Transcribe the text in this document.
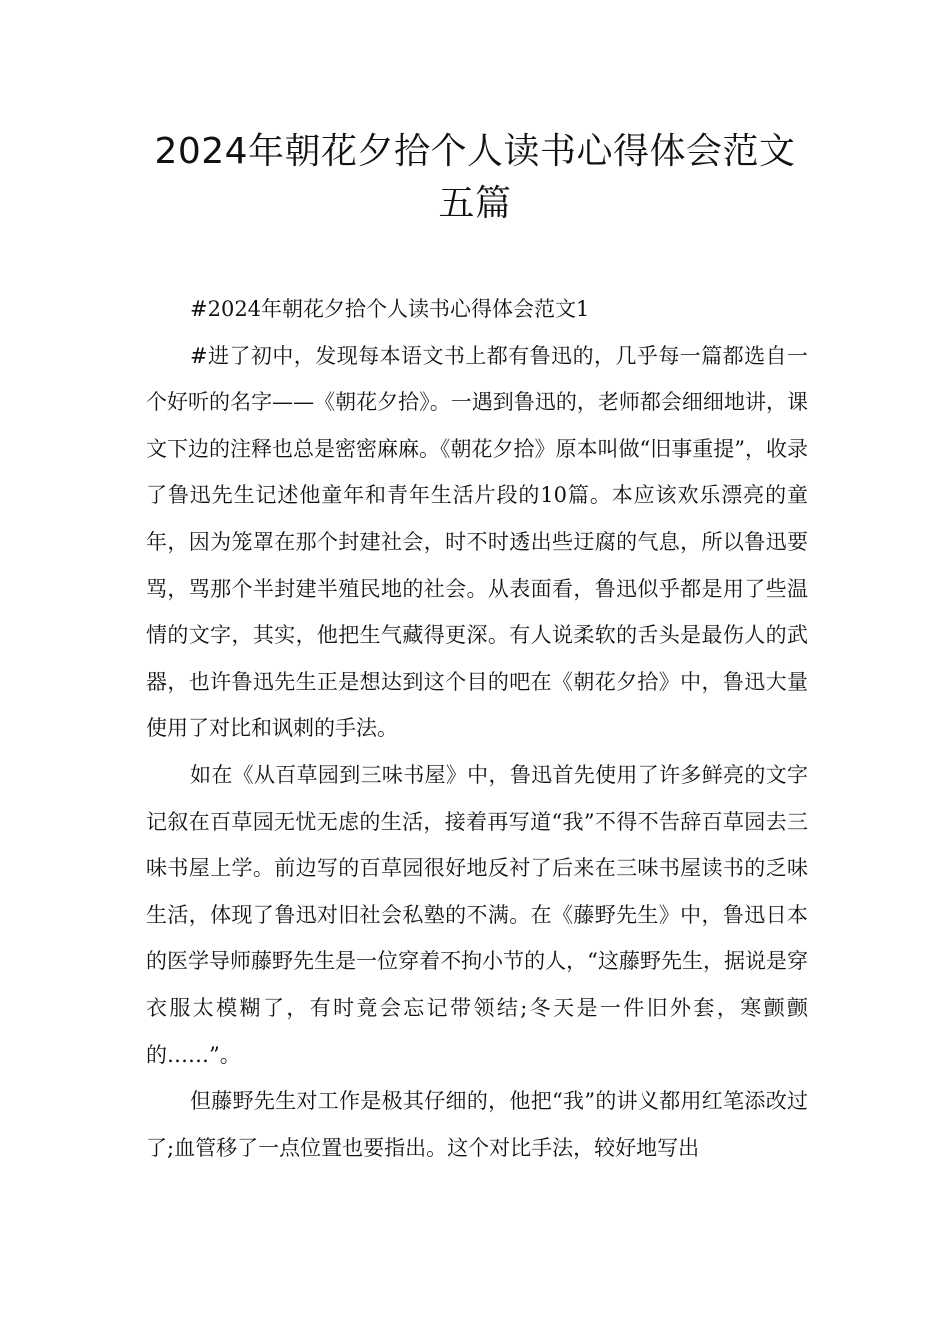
2024年朝花夕拾个人读书心得体会范文
五篇

#2024年朝花夕拾个人读书心得体会范文1

#进了初中，发现每本语文书上都有鲁迅的，几乎每一篇都选自一个好听的名字——《朝花夕拾》。一遇到鲁迅的，老师都会细细地讲，课文下边的注释也总是密密麻麻。《朝花夕拾》原本叫做“旧事重提”，收录了鲁迅先生记述他童年和青年生活片段的10篇。本应该欢乐漂亮的童年，因为笼罩在那个封建社会，时不时透出些迂腐的气息，所以鲁迅要骂，骂那个半封建半殖民地的社会。从表面看，鲁迅似乎都是用了些温情的文字，其实，他把生气藏得更深。有人说柔软的舌头是最伤人的武器，也许鲁迅先生正是想达到这个目的吧在《朝花夕拾》中，鲁迅大量使用了对比和讽刺的手法。

如在《从百草园到三味书屋》中，鲁迅首先使用了许多鲜亮的文字记叙在百草园无忧无虑的生活，接着再写道“我”不得不告辞百草园去三味书屋上学。前边写的百草园很好地反衬了后来在三味书屋读书的乏味生活，体现了鲁迅对旧社会私塾的不满。在《藤野先生》中，鲁迅日本的医学导师藤野先生是一位穿着不拘小节的人，“这藤野先生，据说是穿衣服太模糊了，有时竟会忘记带领结;冬天是一件旧外套，寒颤颤的……”。

但藤野先生对工作是极其仔细的，他把“我”的讲义都用红笔添改过了;血管移了一点位置也要指出。这个对比手法，较好地写出
